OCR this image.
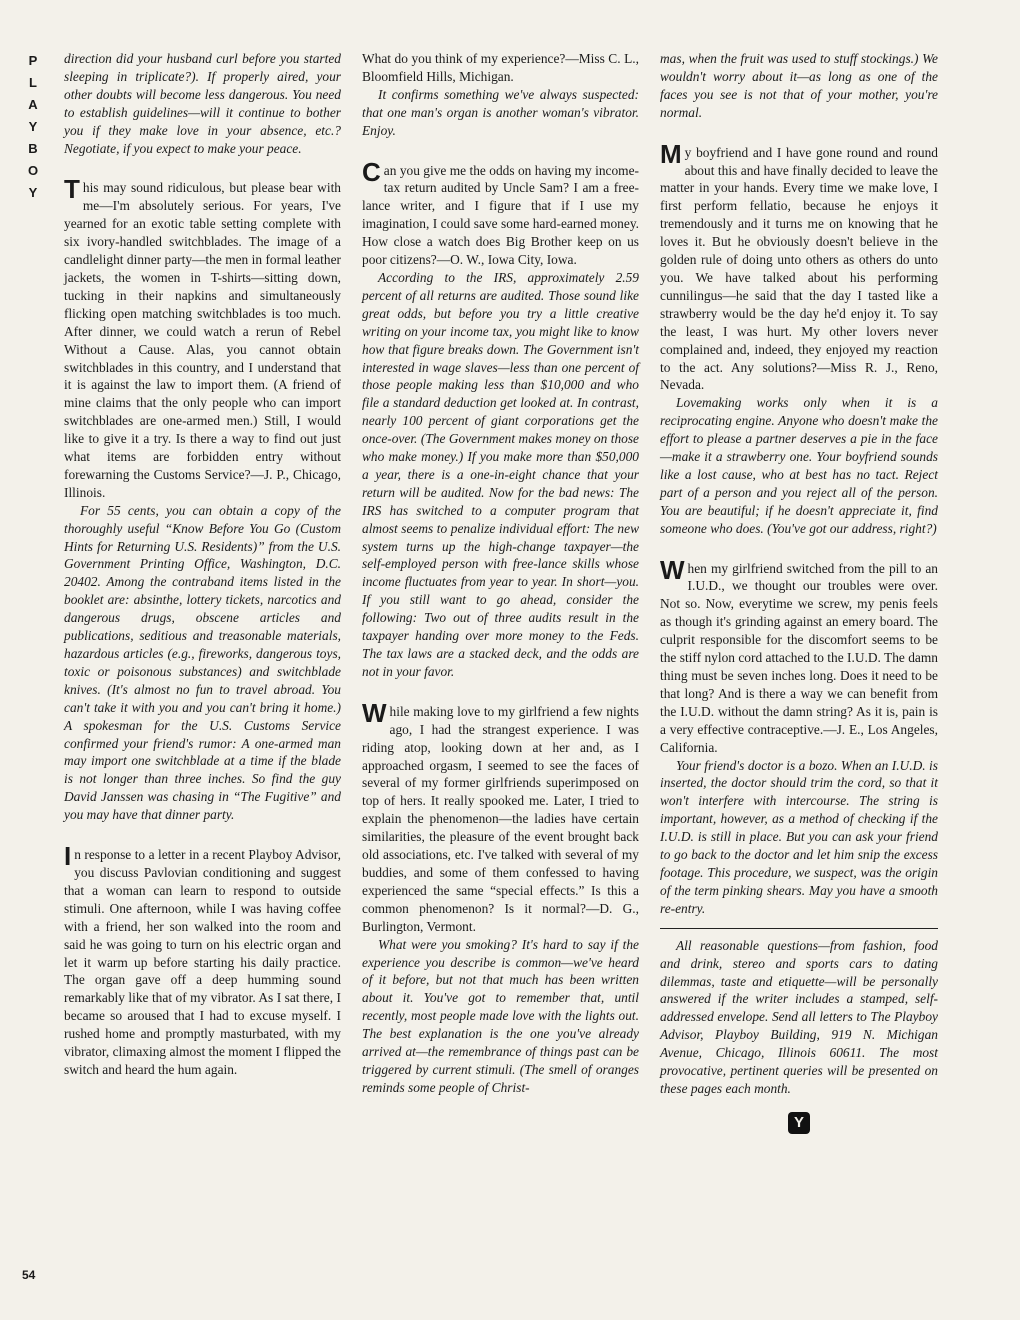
P
L
A
Y
B
O
Y
54

direction did your husband curl before you started sleeping in triplicate?). If properly aired, your other doubts will become less dangerous. You need to establish guidelines—will it continue to bother you if they make love in your absence, etc.? Negotiate, if you expect to make your peace.

This may sound ridiculous, but please bear with me—I'm absolutely serious. For years, I've yearned for an exotic table setting complete with six ivory-handled switchblades. The image of a candlelight dinner party—the men in formal leather jackets, the women in T-shirts—sitting down, tucking in their napkins and simultaneously flicking open matching switchblades is too much. After dinner, we could watch a rerun of Rebel Without a Cause. Alas, you cannot obtain switchblades in this country, and I understand that it is against the law to import them. (A friend of mine claims that the only people who can import switchblades are one-armed men.) Still, I would like to give it a try. Is there a way to find out just what items are forbidden entry without forewarning the Customs Service?—J. P., Chicago, Illinois.

For 55 cents, you can obtain a copy of the thoroughly useful “Know Before You Go (Custom Hints for Returning U.S. Residents)” from the U.S. Government Printing Office, Washington, D.C. 20402. Among the contraband items listed in the booklet are: absinthe, lottery tickets, narcotics and dangerous drugs, obscene articles and publications, seditious and treasonable materials, hazardous articles (e.g., fireworks, dangerous toys, toxic or poisonous substances) and switchblade knives. (It's almost no fun to travel abroad. You can't take it with you and you can't bring it home.) A spokesman for the U.S. Customs Service confirmed your friend's rumor: A one-armed man may import one switchblade at a time if the blade is not longer than three inches. So find the guy David Janssen was chasing in “The Fugitive” and you may have that dinner party.

In response to a letter in a recent Playboy Advisor, you discuss Pavlovian conditioning and suggest that a woman can learn to respond to outside stimuli. One afternoon, while I was having coffee with a friend, her son walked into the room and said he was going to turn on his electric organ and let it warm up before starting his daily practice. The organ gave off a deep humming sound remarkably like that of my vibrator. As I sat there, I became so aroused that I had to excuse myself. I rushed home and promptly masturbated, with my vibrator, climaxing almost the moment I flipped the switch and heard the hum again.

What do you think of my experience?—Miss C. L., Bloomfield Hills, Michigan.

It confirms something we've always suspected: that one man's organ is another woman's vibrator. Enjoy.

Can you give me the odds on having my income-tax return audited by Uncle Sam? I am a free-lance writer, and I figure that if I use my imagination, I could save some hard-earned money. How close a watch does Big Brother keep on us poor citizens?—O. W., Iowa City, Iowa.

According to the IRS, approximately 2.59 percent of all returns are audited. Those sound like great odds, but before you try a little creative writing on your income tax, you might like to know how that figure breaks down. The Government isn't interested in wage slaves—less than one percent of those people making less than $10,000 and who file a standard deduction get looked at. In contrast, nearly 100 percent of giant corporations get the once-over. (The Government makes money on those who make money.) If you make more than $50,000 a year, there is a one-in-eight chance that your return will be audited. Now for the bad news: The IRS has switched to a computer program that almost seems to penalize individual effort: The new system turns up the high-change taxpayer—the self-employed person with free-lance skills whose income fluctuates from year to year. In short—you. If you still want to go ahead, consider the following: Two out of three audits result in the taxpayer handing over more money to the Feds. The tax laws are a stacked deck, and the odds are not in your favor.

While making love to my girlfriend a few nights ago, I had the strangest experience. I was riding atop, looking down at her and, as I approached orgasm, I seemed to see the faces of several of my former girlfriends superimposed on top of hers. It really spooked me. Later, I tried to explain the phenomenon—the ladies have certain similarities, the pleasure of the event brought back old associations, etc. I've talked with several of my buddies, and some of them confessed to having experienced the same “special effects.” Is this a common phenomenon? Is it normal?—D. G., Burlington, Vermont.

What were you smoking? It's hard to say if the experience you describe is common—we've heard of it before, but not that much has been written about it. You've got to remember that, until recently, most people made love with the lights out. The best explanation is the one you've already arrived at—the remembrance of things past can be triggered by current stimuli. (The smell of oranges reminds some people of Christ-

mas, when the fruit was used to stuff stockings.) We wouldn't worry about it—as long as one of the faces you see is not that of your mother, you're normal.

My boyfriend and I have gone round and round about this and have finally decided to leave the matter in your hands. Every time we make love, I first perform fellatio, because he enjoys it tremendously and it turns me on knowing that he loves it. But he obviously doesn't believe in the golden rule of doing unto others as others do unto you. We have talked about his performing cunnilingus—he said that the day I tasted like a strawberry would be the day he'd enjoy it. To say the least, I was hurt. My other lovers never complained and, indeed, they enjoyed my reaction to the act. Any solutions?—Miss R. J., Reno, Nevada.

Lovemaking works only when it is a reciprocating engine. Anyone who doesn't make the effort to please a partner deserves a pie in the face—make it a strawberry one. Your boyfriend sounds like a lost cause, who at best has no tact. Reject part of a person and you reject all of the person. You are beautiful; if he doesn't appreciate it, find someone who does. (You've got our address, right?)

When my girlfriend switched from the pill to an I.U.D., we thought our troubles were over. Not so. Now, everytime we screw, my penis feels as though it's grinding against an emery board. The culprit responsible for the discomfort seems to be the stiff nylon cord attached to the I.U.D. The damn thing must be seven inches long. Does it need to be that long? And is there a way we can benefit from the I.U.D. without the damn string? As it is, pain is a very effective contraceptive.—J. E., Los Angeles, California.

Your friend's doctor is a bozo. When an I.U.D. is inserted, the doctor should trim the cord, so that it won't interfere with intercourse. The string is important, however, as a method of checking if the I.U.D. is still in place. But you can ask your friend to go back to the doctor and let him snip the excess footage. This procedure, we suspect, was the origin of the term pinking shears. May you have a smooth re-entry.

All reasonable questions—from fashion, food and drink, stereo and sports cars to dating dilemmas, taste and etiquette—will be personally answered if the writer includes a stamped, self-addressed envelope. Send all letters to The Playboy Advisor, Playboy Building, 919 N. Michigan Avenue, Chicago, Illinois 60611. The most provocative, pertinent queries will be presented on these pages each month.

Y
